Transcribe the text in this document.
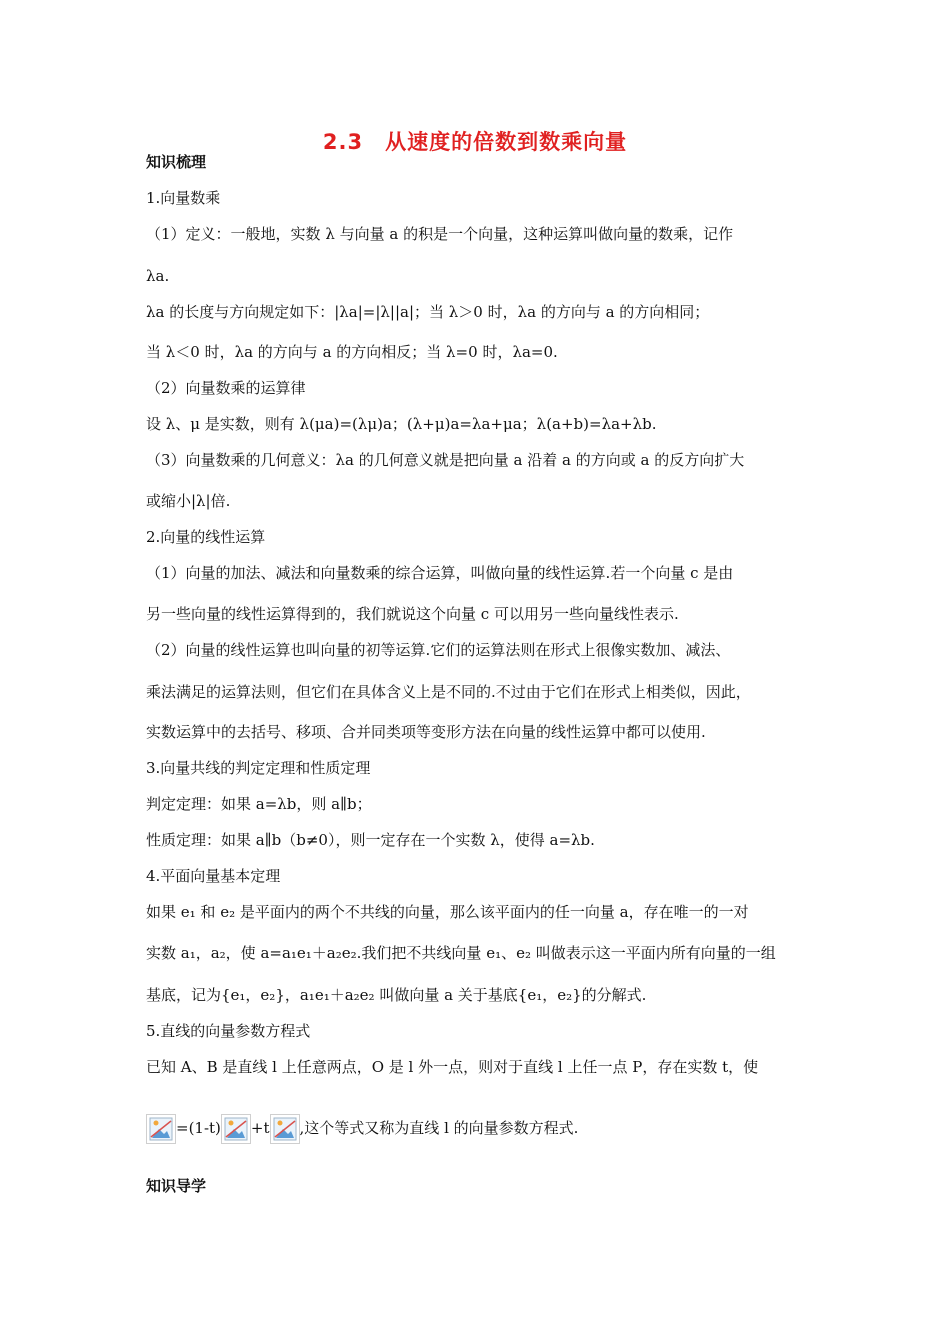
2.3　从速度的倍数到数乘向量
知识梳理
1.向量数乘
（1）定义：一般地，实数 λ 与向量 a 的积是一个向量，这种运算叫做向量的数乘，记作
λa.
λa 的长度与方向规定如下：|λa|=|λ||a|；当 λ＞0 时，λa 的方向与 a 的方向相同；
当 λ＜0 时，λa 的方向与 a 的方向相反；当 λ=0 时，λa=0.
（2）向量数乘的运算律
设 λ、μ 是实数，则有 λ(μa)=(λμ)a；(λ+μ)a=λa+μa；λ(a+b)=λa+λb.
（3）向量数乘的几何意义：λa 的几何意义就是把向量 a 沿着 a 的方向或 a 的反方向扩大
或缩小|λ|倍.
2.向量的线性运算
（1）向量的加法、减法和向量数乘的综合运算，叫做向量的线性运算.若一个向量 c 是由
另一些向量的线性运算得到的，我们就说这个向量 c 可以用另一些向量线性表示.
（2）向量的线性运算也叫向量的初等运算.它们的运算法则在形式上很像实数加、减法、
乘法满足的运算法则，但它们在具体含义上是不同的.不过由于它们在形式上相类似，因此，
实数运算中的去括号、移项、合并同类项等变形方法在向量的线性运算中都可以使用.
3.向量共线的判定定理和性质定理
判定定理：如果 a=λb，则 a∥b；
性质定理：如果 a∥b（b≠0），则一定存在一个实数 λ，使得 a=λb.
4.平面向量基本定理
如果 e₁ 和 e₂ 是平面内的两个不共线的向量，那么该平面内的任一向量 a，存在唯一的一对
实数 a₁，a₂，使 a=a₁e₁＋a₂e₂.我们把不共线向量 e₁、e₂ 叫做表示这一平面内所有向量的一组
基底，记为{e₁，e₂}，a₁e₁＋a₂e₂ 叫做向量 a 关于基底{e₁，e₂}的分解式.
5.直线的向量参数方程式
已知 A、B 是直线 l 上任意两点，O 是 l 外一点，则对于直线 l 上任一点 P，存在实数 t，使
=(1-t) +t ,这个等式又称为直线 l 的向量参数方程式.
知识导学
